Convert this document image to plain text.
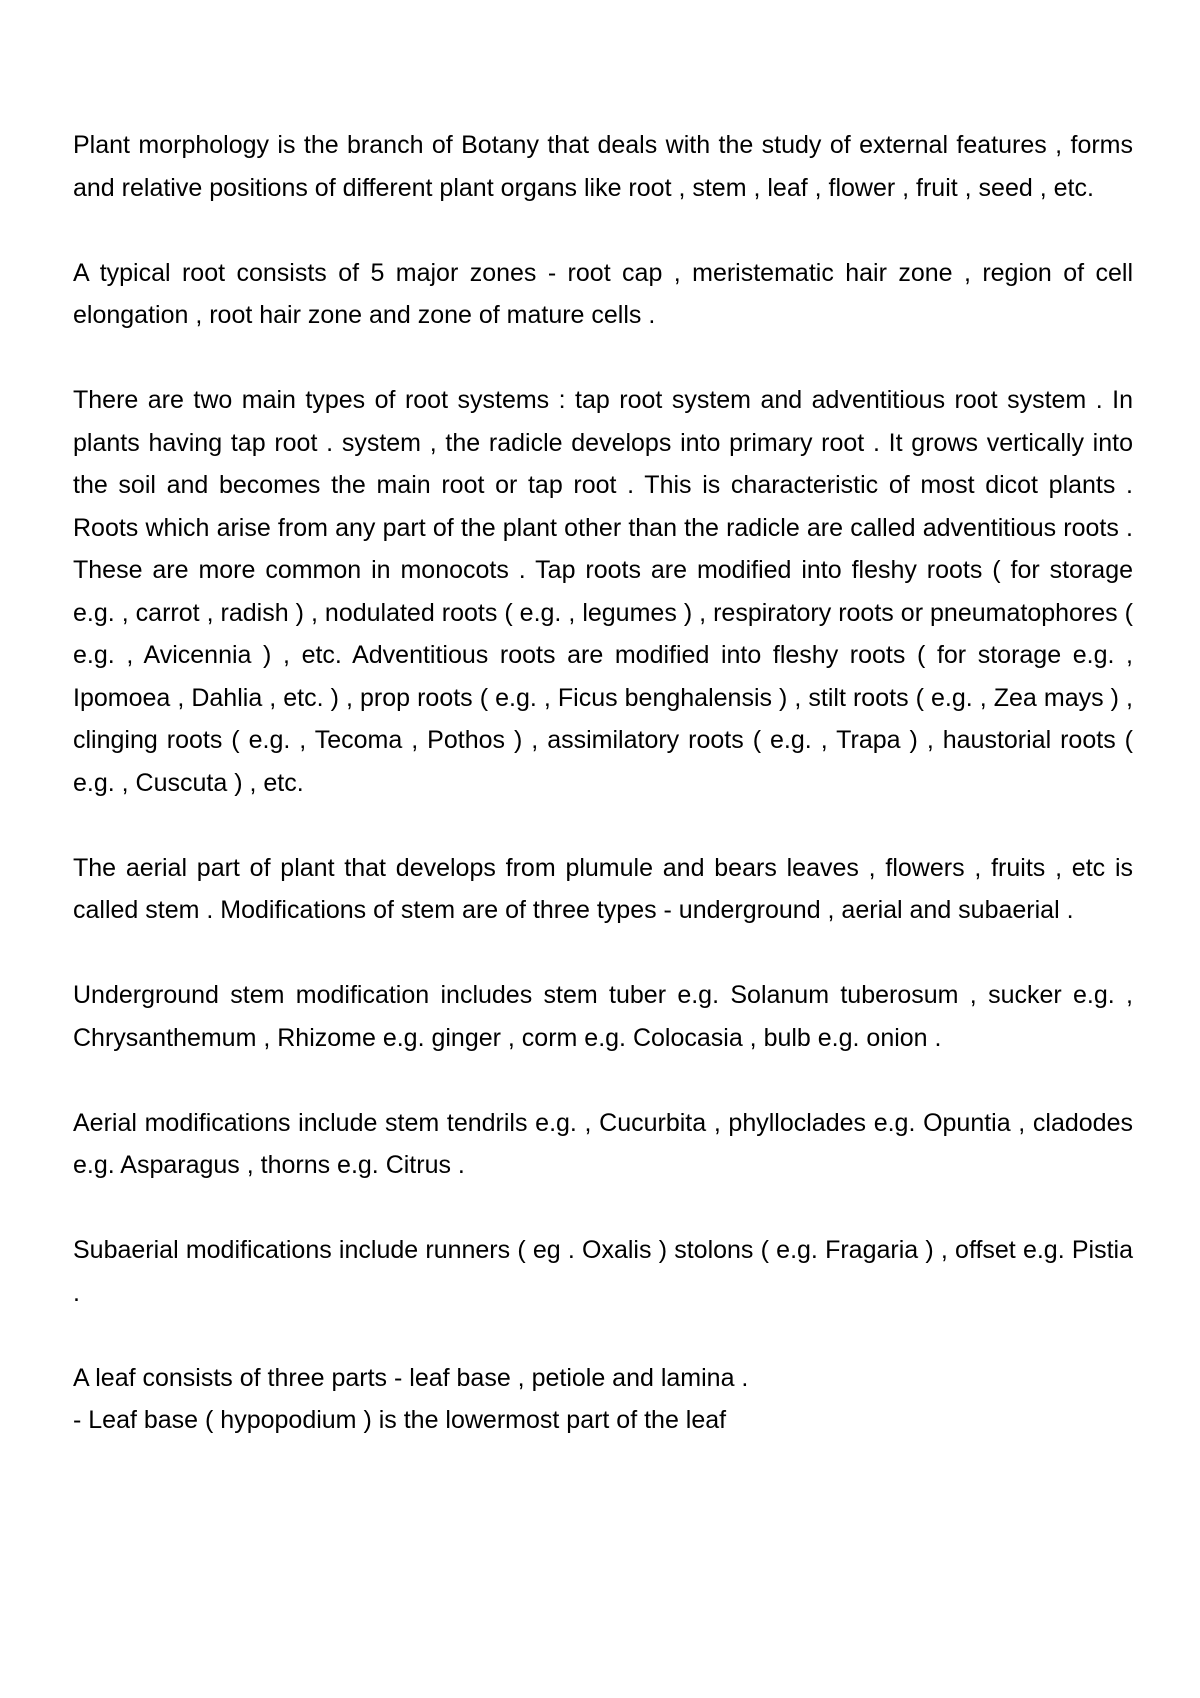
Plant morphology is the branch of Botany that deals with the study of external features , forms and relative positions of different plant organs like root , stem , leaf , flower , fruit , seed , etc.

A typical root consists of 5 major zones - root cap , meristematic hair zone , region of cell elongation , root hair zone and zone of mature cells .

There are two main types of root systems : tap root system and adventitious root system . In plants having tap root . system , the radicle develops into primary root . It grows vertically into the soil and becomes the main root or tap root . This is characteristic of most dicot plants . Roots which arise from any part of the plant other than the radicle are called adventitious roots . These are more common in monocots . Tap roots are modified into fleshy roots ( for storage e.g. , carrot , radish ) , nodulated roots ( e.g. , legumes ) , respiratory roots or pneumatophores ( e.g. , Avicennia ) , etc. Adventitious roots are modified into fleshy roots ( for storage e.g. , Ipomoea , Dahlia , etc. ) , prop roots ( e.g. , Ficus benghalensis ) , stilt roots ( e.g. , Zea mays ) , clinging roots ( e.g. , Tecoma , Pothos ) , assimilatory roots ( e.g. , Trapa ) , haustorial roots ( e.g. , Cuscuta ) , etc.

The aerial part of plant that develops from plumule and bears leaves , flowers , fruits , etc is called stem . Modifications of stem are of three types - underground , aerial and subaerial .

Underground stem modification includes stem tuber e.g. Solanum tuberosum , sucker e.g. , Chrysanthemum , Rhizome e.g. ginger , corm e.g. Colocasia , bulb e.g. onion .

Aerial modifications include stem tendrils e.g. , Cucurbita , phylloclades e.g. Opuntia , cladodes e.g. Asparagus , thorns e.g. Citrus .

Subaerial modifications include runners ( eg . Oxalis ) stolons ( e.g. Fragaria ) , offset e.g. Pistia .

A leaf consists of three parts - leaf base , petiole and lamina .

- Leaf base ( hypopodium ) is the lowermost part of the leaf
